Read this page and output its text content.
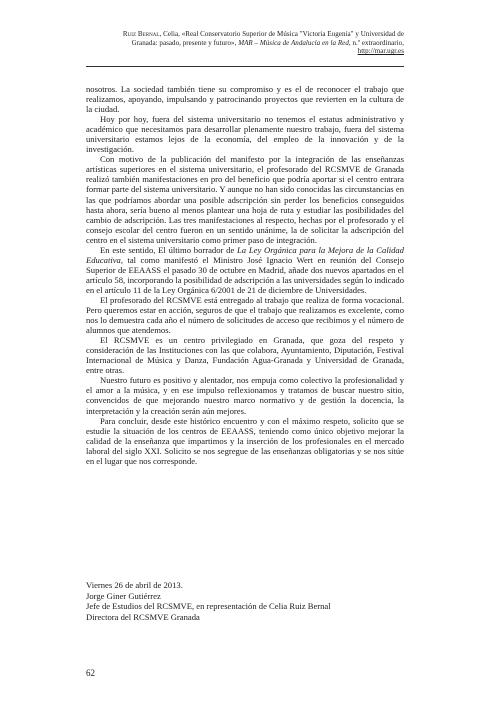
Ruiz Bernal, Celia, «Real Conservatorio Superior de Música "Victoria Eugenia" y Universidad de Granada: pasado, presente y futuro», MAR – Música de Andalucía en la Red, n.º extraordinario, http://mar.ugr.es

nosotros. La sociedad también tiene su compromiso y es el de reconocer el trabajo que realizamos, apoyando, impulsando y patrocinando proyectos que revierten en la cultura de la ciudad.

Hoy por hoy, fuera del sistema universitario no tenemos el estatus administrativo y académico que necesitamos para desarrollar plenamente nuestro trabajo, fuera del sistema universitario estamos lejos de la economía, del empleo de la innovación y de la investigación.

Con motivo de la publicación del manifesto por la integración de las enseñanzas artísticas superiores en el sistema universitario, el profesorado del RCSMVE de Granada realizó también manifestaciones en pro del beneficio que podría aportar si el centro entrara formar parte del sistema universitario. Y aunque no han sido conocidas las circunstancias en las que podríamos abordar una posible adscripción sin perder los beneficios conseguidos hasta ahora, sería bueno al menos plantear una hoja de ruta y estudiar las posibilidades del cambio de adscripción. Las tres manifestaciones al respecto, hechas por el profesorado y el consejo escolar del centro fueron en un sentido unánime, la de solicitar la adscripción del centro en el sistema universitario como primer paso de integración.

En este sentido, El último borrador de La Ley Orgánica para la Mejora de la Calidad Educativa, tal como manifestó el Ministro José Ignacio Wert en reunión del Consejo Superior de EEAASS el pasado 30 de octubre en Madrid, añade dos nuevos apartados en el artículo 58, incorporando la posibilidad de adscripción a las universidades según lo indicado en el artículo 11 de la Ley Orgánica 6/2001 de 21 de diciembre de Universidades.

El profesorado del RCSMVE está entregado al trabajo que realiza de forma vocacional. Pero queremos estar en acción, seguros de que el trabajo que realizamos es excelente, como nos lo demuestra cada año el número de solicitudes de acceso que recibimos y el número de alumnos que atendemos.

El RCSMVE es un centro privilegiado en Granada, que goza del respeto y consideración de las Instituciones con las que colabora, Ayuntamiento, Diputación, Festival Internacional de Música y Danza, Fundación Agua-Granada y Universidad de Granada, entre otras.

Nuestro futuro es positivo y alentador, nos empuja como colectivo la profesionalidad y el amor a la música, y en ese impulso reflexionamos y tratamos de buscar nuestro sitio, convencidos de que mejorando nuestro marco normativo y de gestión la docencia, la interpretación y la creación serán aún mejores.

Para concluir, desde este histórico encuentro y con el máximo respeto, solicito que se estudie la situación de los centros de EEAASS, teniendo como único objetivo mejorar la calidad de la enseñanza que impartimos y la inserción de los profesionales en el mercado laboral del siglo XXI. Solicito se nos segregue de las enseñanzas obligatorias y se nos sitúe en el lugar que nos corresponde.

Viernes 26 de abril de 2013.
Jorge Giner Gutiérrez
Jefe de Estudios del RCSMVE, en representación de Celia Ruiz Bernal
Directora del RCSMVE Granada
62
